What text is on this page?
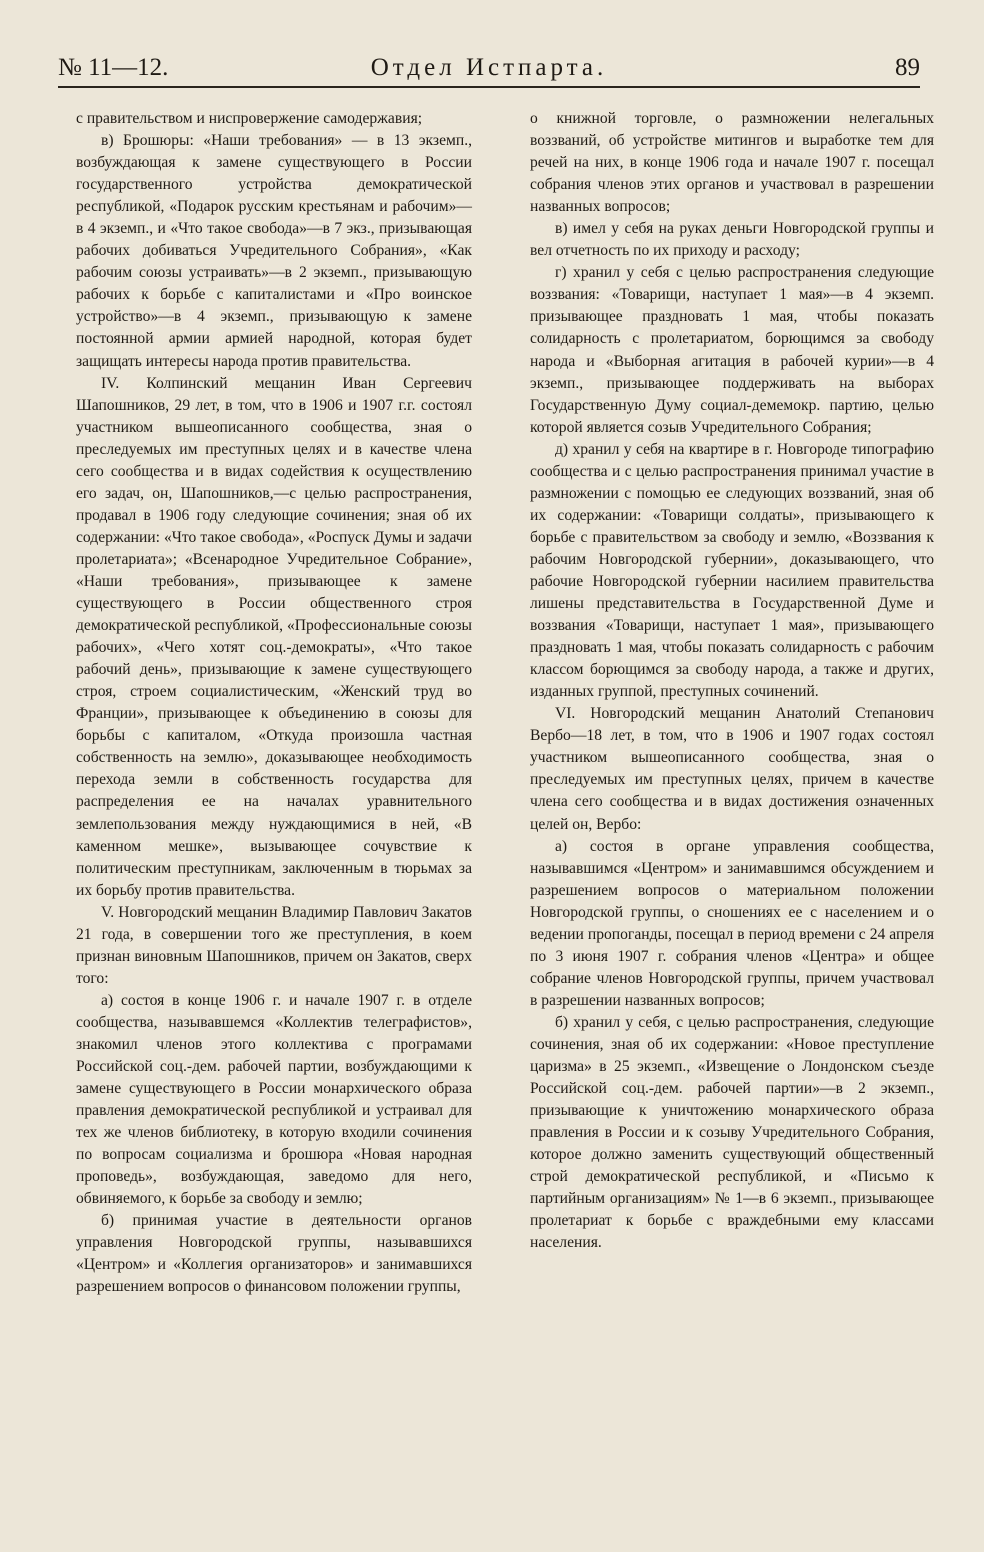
№ 11—12.	Отдел Истпарта.	89

с правительством и ниспровержение самодержавия;

в) Брошюры: «Наши требования» — в 13 экземп., возбуждающая к замене существующего в России государственного устройства демократической республикой, «Подарок русским крестьянам и рабочим»—в 4 экземп., и «Что такое свобода»—в 7 экз., призывающая рабочих добиваться Учредительного Собрания», «Как рабочим союзы устраивать»—в 2 экземп., призывающую рабочих к борьбе с капиталистами и «Про воинское устройство»—в 4 экземп., призывающую к замене постоянной армии армией народной, которая будет защищать интересы народа против правительства.

IV. Колпинский мещанин Иван Сергеевич Шапошников, 29 лет, в том, что в 1906 и 1907 г.г. состоял участником вышеописанного сообщества, зная о преследуемых им преступных целях и в качестве члена сего сообщества и в видах содействия к осуществлению его задач, он, Шапошников,—с целью распространения, продавал в 1906 году следующие сочинения; зная об их содержании: «Что такое свобода», «Роспуск Думы и задачи пролетариата»; «Всенародное Учредительное Собрание», «Наши требования», призывающее к замене существующего в России общественного строя демократической республикой, «Профессиональные союзы рабочих», «Чего хотят соц.-демократы», «Что такое рабочий день», призывающие к замене существующего строя, строем социалистическим, «Женский труд во Франции», призывающее к объединению в союзы для борьбы с капиталом, «Откуда произошла частная собственность на землю», доказывающее необходимость перехода земли в собственность государства для распределения ее на началах уравнительного землепользования между нуждающимися в ней, «В каменном мешке», вызывающее сочувствие к политическим преступникам, заключенным в тюрьмах за их борьбу против правительства.

V. Новгородский мещанин Владимир Павлович Закатов 21 года, в совершении того же преступления, в коем признан виновным Шапошников, причем он Закатов, сверх того:

а) состоя в конце 1906 г. и начале 1907 г. в отделе сообщества, называвшемся «Коллектив телеграфистов», знакомил членов этого коллектива с програмами Российской соц.-дем. рабочей партии, возбуждающими к замене существующего в России монархического образа правления демократической республикой и устраивал для тех же членов библиотеку, в которую входили сочинения по вопросам социализма и брошюра «Новая народная проповедь», возбуждающая, заведомо для него, обвиняемого, к борьбе за свободу и землю;

б) принимая участие в деятельности органов управления Новгородской группы, называвшихся «Центром» и «Коллегия организаторов» и занимавшихся разрешением вопросов о финансовом положении группы,

о книжной торговле, о размножении нелегальных воззваний, об устройстве митингов и выработке тем для речей на них, в конце 1906 года и начале 1907 г. посещал собрания членов этих органов и участвовал в разрешении названных вопросов;

в) имел у себя на руках деньги Новгородской группы и вел отчетность по их приходу и расходу;

г) хранил у себя с целью распространения следующие воззвания: «Товарищи, наступает 1 мая»—в 4 экземп. призывающее праздновать 1 мая, чтобы показать солидарность с пролетариатом, борющимся за свободу народа и «Выборная агитация в рабочей курии»—в 4 экземп., призывающее поддерживать на выборах Государственную Думу социал-демемокр. партию, целью которой является созыв Учредительного Собрания;

д) хранил у себя на квартире в г. Новгороде типографию сообщества и с целью распространения принимал участие в размножении с помощью ее следующих воззваний, зная об их содержании: «Товарищи солдаты», призывающего к борьбе с правительством за свободу и землю, «Воззвания к рабочим Новгородской губернии», доказывающего, что рабочие Новгородской губернии насилием правительства лишены представительства в Государственной Думе и воззвания «Товарищи, наступает 1 мая», призывающего праздновать 1 мая, чтобы показать солидарность с рабочим классом борющимся за свободу народа, а также и других, изданных группой, преступных сочинений.

VI. Новгородский мещанин Анатолий Степанович Вербо—18 лет, в том, что в 1906 и 1907 годах состоял участником вышеописанного сообщества, зная о преследуемых им преступных целях, причем в качестве члена сего сообщества и в видах достижения означенных целей он, Вербо:

а) состоя в органе управления сообщества, называвшимся «Центром» и занимавшимся обсуждением и разрешением вопросов о материальном положении Новгородской группы, о сношениях ее с населением и о ведении пропоганды, посещал в период времени с 24 апреля по 3 июня 1907 г. собрания членов «Центра» и общее собрание членов Новгородской группы, причем участвовал в разрешении названных вопросов;

б) хранил у себя, с целью распространения, следующие сочинения, зная об их содержании: «Новое преступление царизма» в 25 экземп., «Извещение о Лондонском съезде Российской соц.-дем. рабочей партии»—в 2 экземп., призывающие к уничтожению монархического образа правления в России и к созыву Учредительного Собрания, которое должно заменить существующий общественный строй демократической республикой, и «Письмо к партийным организациям» № 1—в 6 экземп., призывающее пролетариат к борьбе с враждебными ему классами населения.
